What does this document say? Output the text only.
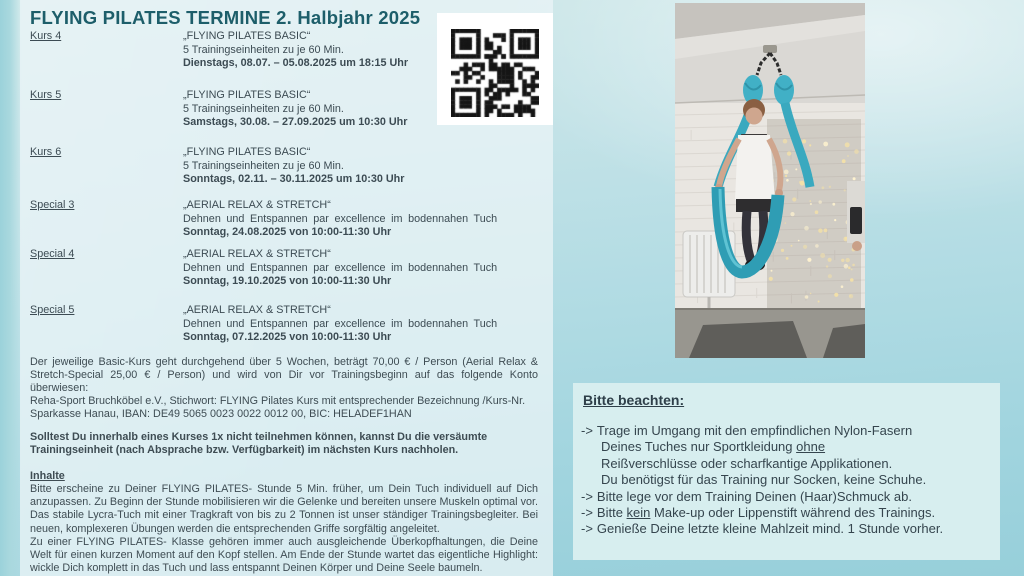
FLYING PILATES TERMINE 2. Halbjahr 2025
Kurs 4	„FLYING PILATES BASIC“
5 Trainingseinheiten zu je 60 Min.
Dienstags, 08.07. – 05.08.2025 um 18:15 Uhr
Kurs 5	„FLYING PILATES BASIC“
5 Trainingseinheiten zu je 60 Min.
Samstags, 30.08. – 27.09.2025 um 10:30 Uhr
Kurs 6	„FLYING PILATES BASIC“
5 Trainingseinheiten zu je 60 Min.
Sonntags, 02.11. – 30.11.2025 um 10:30 Uhr
Special 3	„AERIAL RELAX & STRETCH“
Dehnen und Entspannen par excellence im bodennahen Tuch
Sonntag, 24.08.2025 von 10:00-11:30 Uhr
Special 4	„AERIAL RELAX & STRETCH“
Dehnen und Entspannen par excellence im bodennahen Tuch
Sonntag, 19.10.2025 von 10:00-11:30 Uhr
Special 5	„AERIAL RELAX & STRETCH“
Dehnen und Entspannen par excellence im bodennahen Tuch
Sonntag, 07.12.2025 von 10:00-11:30 Uhr
Der jeweilige Basic-Kurs geht durchgehend über 5 Wochen, beträgt 70,00 € / Person (Aerial Relax & Stretch-Special 25,00 € / Person) und wird von Dir vor Trainingsbeginn auf das folgende Konto überwiesen:
Reha-Sport Bruchköbel e.V., Stichwort: FLYING Pilates Kurs mit entsprechender Bezeichnung /Kurs-Nr. Sparkasse Hanau, IBAN: DE49 5065 0023 0022 0012 00, BIC: HELADEF1HAN
Solltest Du innerhalb eines Kurses 1x nicht teilnehmen können, kannst Du die versäumte Trainingseinheit (nach Absprache bzw. Verfügbarkeit) im nächsten Kurs nachholen.
Inhalte
Bitte erscheine zu Deiner FLYING PILATES- Stunde 5 Min. früher, um Dein Tuch individuell auf Dich anzupassen. Zu Beginn der Stunde mobilisieren wir die Gelenke und bereiten unsere Muskeln optimal vor. Das stabile Lycra-Tuch mit einer Tragkraft von bis zu 2 Tonnen ist unser ständiger Trainingsbegleiter. Bei neuen, komplexeren Übungen werden die entsprechenden Griffe sorgfältig angeleitet.
Zu einer FLYING PILATES- Klasse gehören immer auch ausgleichende Überkopfhaltungen, die Deine Welt für einen kurzen Moment auf den Kopf stellen. Am Ende der Stunde wartet das eigentliche Highlight: wickle Dich komplett in das Tuch und lass entspannt Deinen Körper und Deine Seele baumeln.
Bitte beachten:
-> Trage im Umgang mit den empfindlichen Nylon-Fasern
Deines Tuches nur Sportkleidung ohne
Reißverschlüsse oder scharfkantige Applikationen.
Du benötigst für das Training nur Socken, keine Schuhe.
-> Bitte lege vor dem Training Deinen (Haar)Schmuck ab.
-> Bitte kein Make-up oder Lippenstift während des Trainings.
-> Genieße Deine letzte kleine Mahlzeit mind. 1 Stunde vorher.
